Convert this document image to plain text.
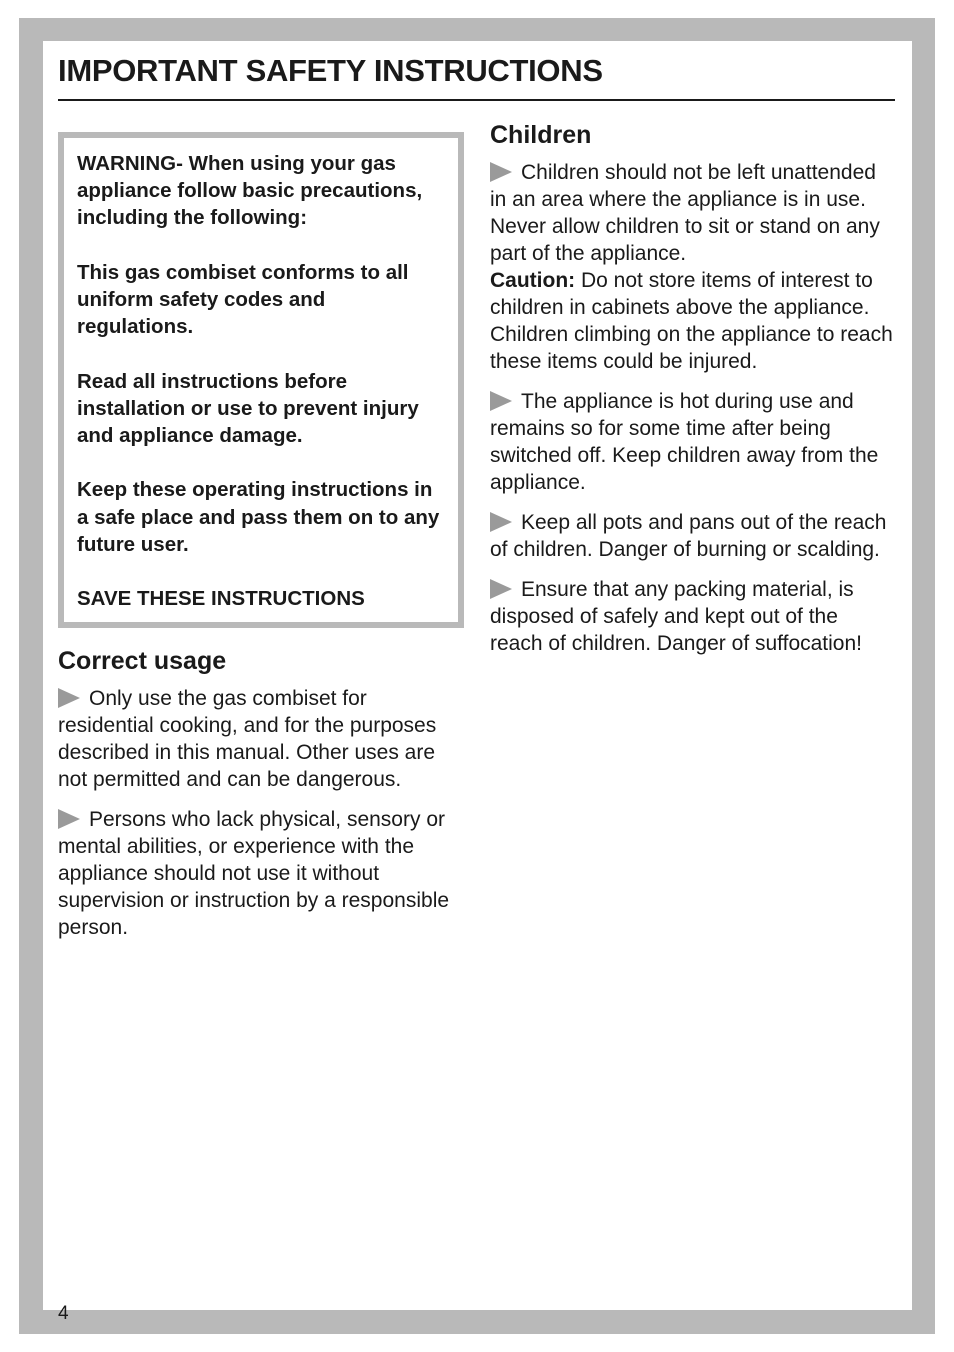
IMPORTANT SAFETY INSTRUCTIONS

WARNING- When using your gas appliance follow basic precautions, including the following:

This gas combiset conforms to all uniform safety codes and regulations.

Read all instructions before installation or use to prevent injury and appliance damage.

Keep these operating instructions in a safe place and pass them on to any future user.

SAVE THESE INSTRUCTIONS

Correct usage

Only use the gas combiset for residential cooking, and for the purposes described in this manual. Other uses are not permitted and can be dangerous.

Persons who lack physical, sensory or mental abilities, or experience with the appliance should not use it without supervision or instruction by a responsible person.

Children

Children should not be left unattended in an area where the appliance is in use. Never allow children to sit or stand on any part of the appliance.

Caution: Do not store items of interest to children in cabinets above the appliance. Children climbing on the appliance to reach these items could be injured.

The appliance is hot during use and remains so for some time after being switched off. Keep children away from the appliance.

Keep all pots and pans out of the reach of children. Danger of burning or scalding.

Ensure that any packing material, is disposed of safely and kept out of the reach of children. Danger of suffocation!

4
